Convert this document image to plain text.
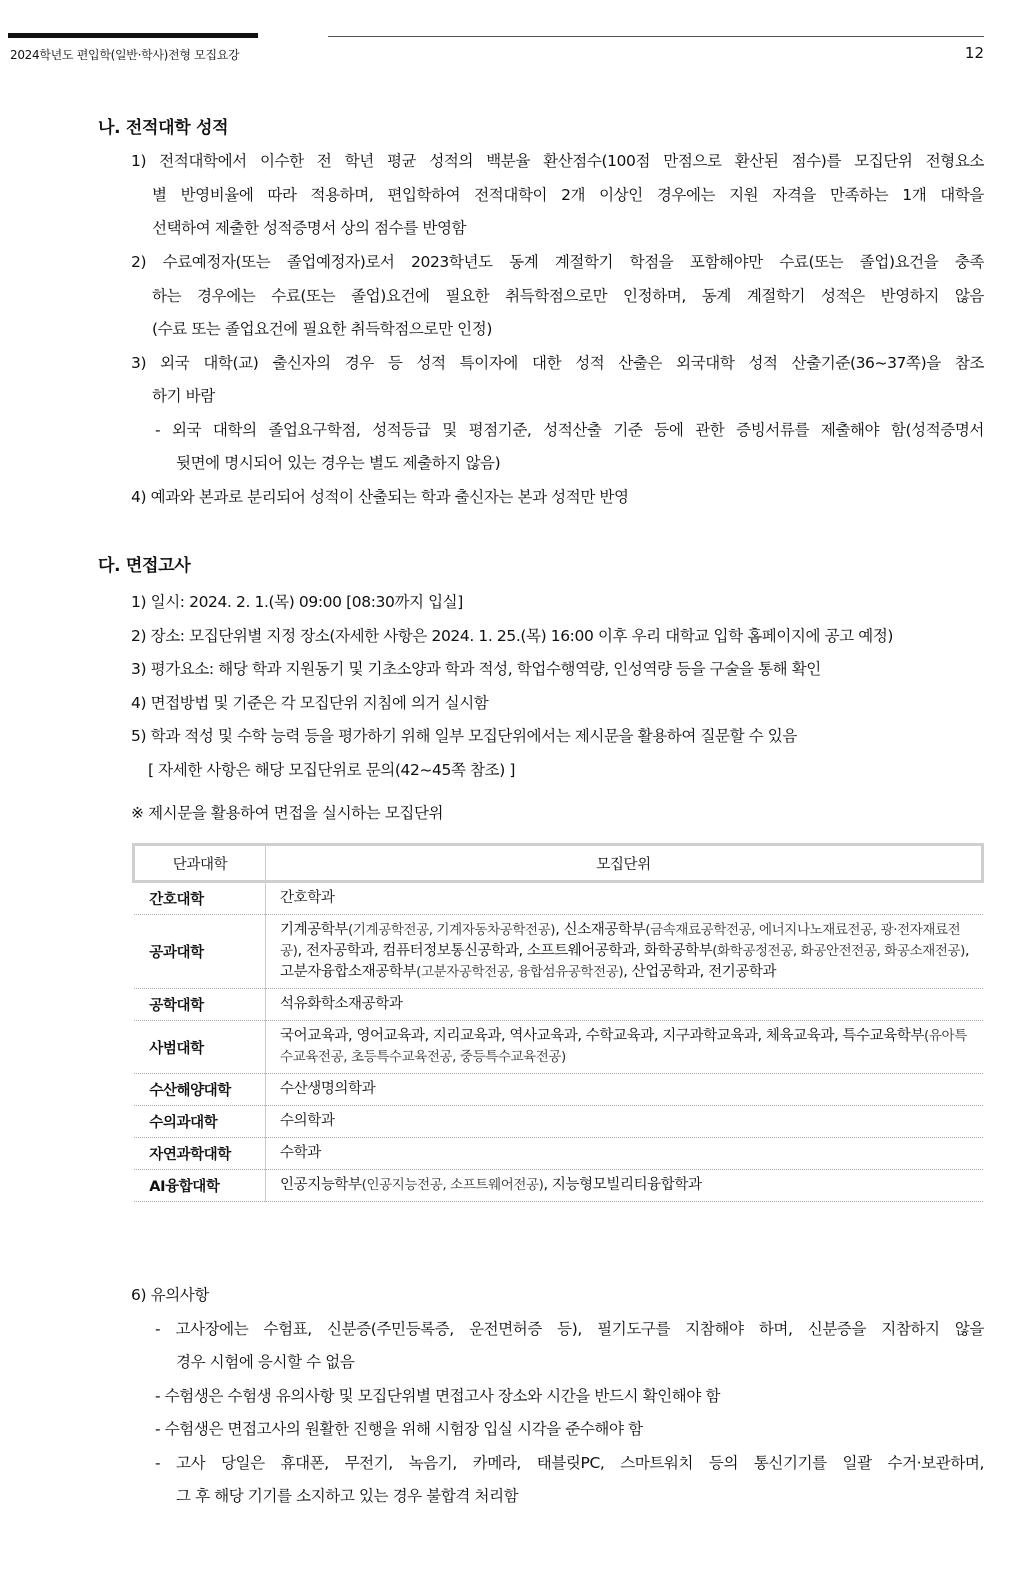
2024학년도 편입학(일반·학사)전형 모집요강	12
나. 전적대학 성적
1) 전적대학에서 이수한 전 학년 평균 성적의 백분율 환산점수(100점 만점으로 환산된 점수)를 모집단위 전형요소
별 반영비율에 따라 적용하며, 편입학하여 전적대학이 2개 이상인 경우에는 지원 자격을 만족하는 1개 대학을
선택하여 제출한 성적증명서 상의 점수를 반영함
2) 수료예정자(또는 졸업예정자)로서 2023학년도 동계 계절학기 학점을 포함해야만 수료(또는 졸업)요건을 충족
하는 경우에는 수료(또는 졸업)요건에 필요한 취득학점으로만 인정하며, 동계 계절학기 성적은 반영하지 않음
(수료 또는 졸업요건에 필요한 취득학점으로만 인정)
3) 외국 대학(교) 출신자의 경우 등 성적 특이자에 대한 성적 산출은 외국대학 성적 산출기준(36~37쪽)을 참조
하기 바람
- 외국 대학의 졸업요구학점, 성적등급 및 평점기준, 성적산출 기준 등에 관한 증빙서류를 제출해야 함(성적증명서
뒷면에 명시되어 있는 경우는 별도 제출하지 않음)
4) 예과와 본과로 분리되어 성적이 산출되는 학과 출신자는 본과 성적만 반영
다. 면접고사
1) 일시: 2024. 2. 1.(목) 09:00 [08:30까지 입실]
2) 장소: 모집단위별 지정 장소(자세한 사항은 2024. 1. 25.(목) 16:00 이후 우리 대학교 입학 홈페이지에 공고 예정)
3) 평가요소: 해당 학과 지원동기 및 기초소양과 학과 적성, 학업수행역량, 인성역량 등을 구술을 통해 확인
4) 면접방법 및 기준은 각 모집단위 지침에 의거 실시함
5) 학과 적성 및 수학 능력 등을 평가하기 위해 일부 모집단위에서는 제시문을 활용하여 질문할 수 있음
[ 자세한 사항은 해당 모집단위로 문의(42~45쪽 참조) ]
※ 제시문을 활용하여 면접을 실시하는 모집단위
단과대학	모집단위
간호대학	간호학과
공과대학	기계공학부(기계공학전공, 기계자동차공학전공), 신소재공학부(금속재료공학전공, 에너지나노재료전공, 광·전자재료전공), 전자공학과, 컴퓨터정보통신공학과, 소프트웨어공학과, 화학공학부(화학공정전공, 화공안전전공, 화공소재전공), 고분자융합소재공학부(고분자공학전공, 융합섬유공학전공), 산업공학과, 전기공학과
공학대학	석유화학소재공학과
사범대학	국어교육과, 영어교육과, 지리교육과, 역사교육과, 수학교육과, 지구과학교육과, 체육교육과, 특수교육학부(유아특수교육전공, 초등특수교육전공, 중등특수교육전공)
수산해양대학	수산생명의학과
수의과대학	수의학과
자연과학대학	수학과
AI융합대학	인공지능학부(인공지능전공, 소프트웨어전공), 지능형모빌리티융합학과
6) 유의사항
- 고사장에는 수험표, 신분증(주민등록증, 운전면허증 등), 필기도구를 지참해야 하며, 신분증을 지참하지 않을
경우 시험에 응시할 수 없음
- 수험생은 수험생 유의사항 및 모집단위별 면접고사 장소와 시간을 반드시 확인해야 함
- 수험생은 면접고사의 원활한 진행을 위해 시험장 입실 시각을 준수해야 함
- 고사 당일은 휴대폰, 무전기, 녹음기, 카메라, 태블릿PC, 스마트워치 등의 통신기기를 일괄 수거·보관하며,
그 후 해당 기기를 소지하고 있는 경우 불합격 처리함
